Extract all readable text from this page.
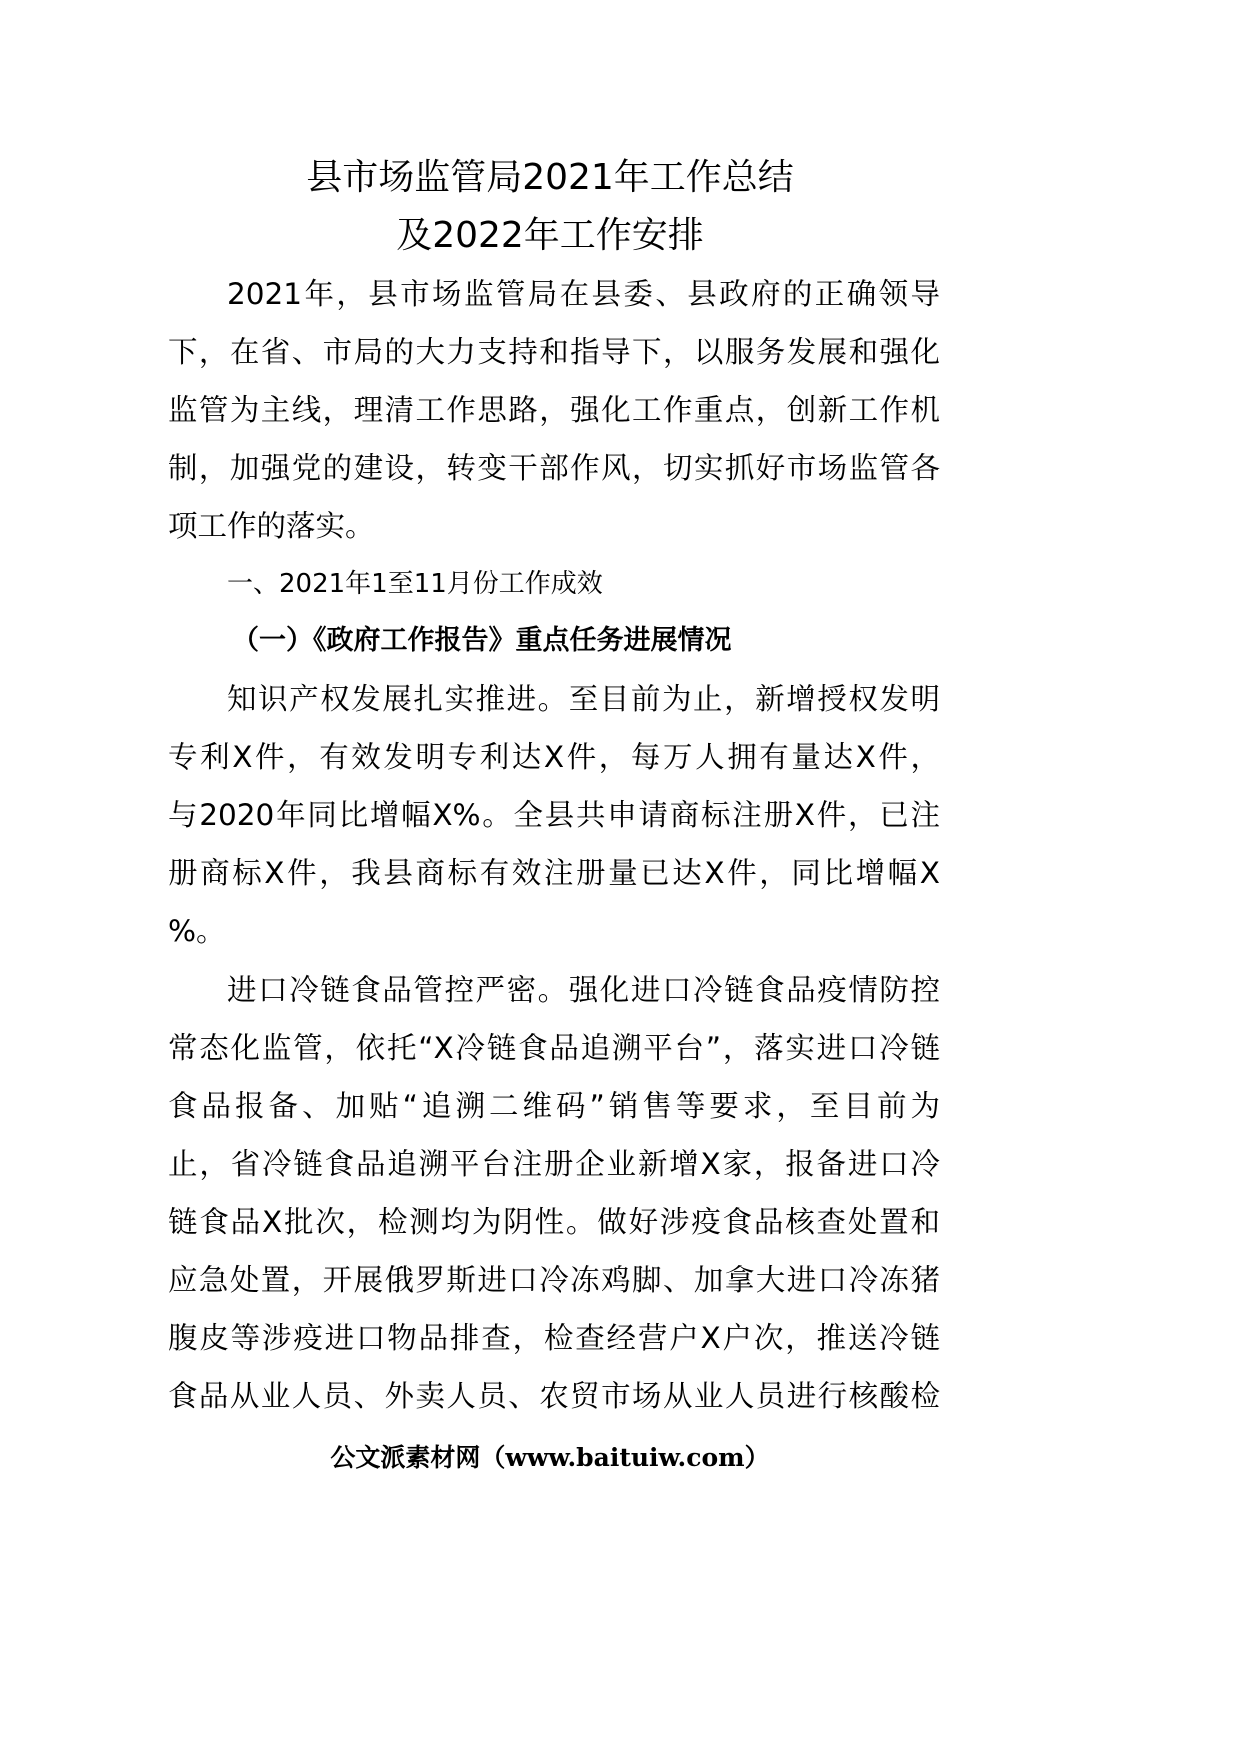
县市场监管局2021年工作总结
及2022年工作安排
2021年，县市场监管局在县委、县政府的正确领导
下，在省、市局的大力支持和指导下，以服务发展和强化
监管为主线，理清工作思路，强化工作重点，创新工作机
制，加强党的建设，转变干部作风，切实抓好市场监管各
项工作的落实。
一、2021年1至11月份工作成效
（一）《政府工作报告》重点任务进展情况
知识产权发展扎实推进。至目前为止，新增授权发明
专利X件，有效发明专利达X件，每万人拥有量达X件，
与2020年同比增幅X%。全县共申请商标注册X件，已注
册商标X件，我县商标有效注册量已达X件，同比增幅X
%。
进口冷链食品管控严密。强化进口冷链食品疫情防控
常态化监管，依托“X冷链食品追溯平台”，落实进口冷链
食品报备、加贴“追溯二维码”销售等要求，至目前为
止，省冷链食品追溯平台注册企业新增X家，报备进口冷
链食品X批次，检测均为阴性。做好涉疫食品核查处置和
应急处置，开展俄罗斯进口冷冻鸡脚、加拿大进口冷冻猪
腹皮等涉疫进口物品排查，检查经营户X户次，推送冷链
食品从业人员、外卖人员、农贸市场从业人员进行核酸检
公文派素材网（www.baituiw.com）
